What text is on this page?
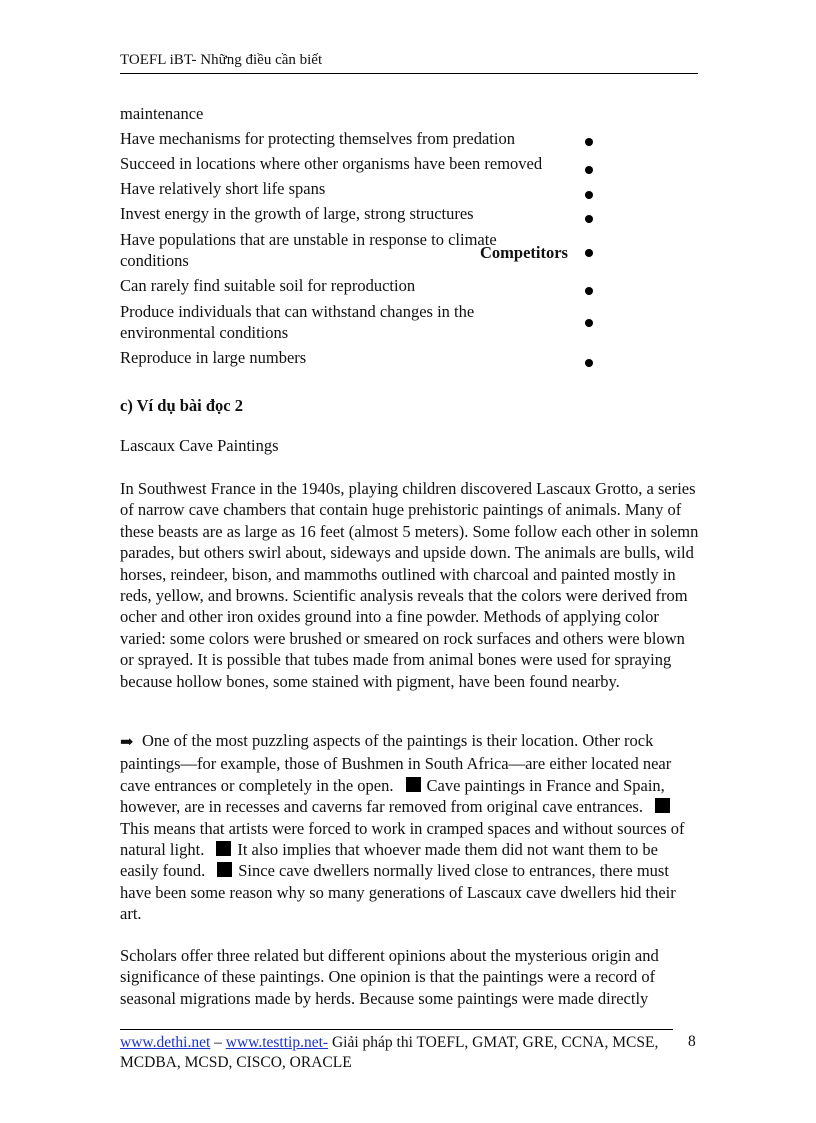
TOEFL iBT- Những điều cần biết
maintenance
Have mechanisms for protecting themselves from predation
Succeed in locations where other organisms have been removed
Have relatively short life spans
Invest energy in the growth of large, strong structures
Have populations that are unstable in response to climate conditions
Can rarely find suitable soil for reproduction
Produce individuals that can withstand changes in the environmental conditions
Reproduce in large numbers
Competitors
c) Ví dụ bài đọc 2
Lascaux Cave Paintings
In Southwest France in the 1940s, playing children discovered Lascaux Grotto, a series of narrow cave chambers that contain huge prehistoric paintings of animals. Many of these beasts are as large as 16 feet (almost 5 meters). Some follow each other in solemn parades, but others swirl about, sideways and upside down. The animals are bulls, wild horses, reindeer, bison, and mammoths outlined with charcoal and painted mostly in reds, yellow, and browns. Scientific analysis reveals that the colors were derived from ocher and other iron oxides ground into a fine powder. Methods of applying color varied: some colors were brushed or smeared on rock surfaces and others were blown or sprayed. It is possible that tubes made from animal bones were used for spraying because hollow bones, some stained with pigment, have been found nearby.
➡ One of the most puzzling aspects of the paintings is their location. Other rock paintings—for example, those of Bushmen in South Africa—are either located near cave entrances or completely in the open. Cave paintings in France and Spain, however, are in recesses and caverns far removed from original cave entrances.This means that artists were forced to work in cramped spaces and without sources of natural light. It also implies that whoever made them did not want them to be easily found. Since cave dwellers normally lived close to entrances, there must have been some reason why so many generations of Lascaux cave dwellers hid their art.
Scholars offer three related but different opinions about the mysterious origin and significance of these paintings. One opinion is that the paintings were a record of seasonal migrations made by herds. Because some paintings were made directly
www.dethi.net – www.testtip.net- Giải pháp thi TOEFL, GMAT, GRE, CCNA, MCSE, MCDBA, MCSD, CISCO, ORACLE
8
